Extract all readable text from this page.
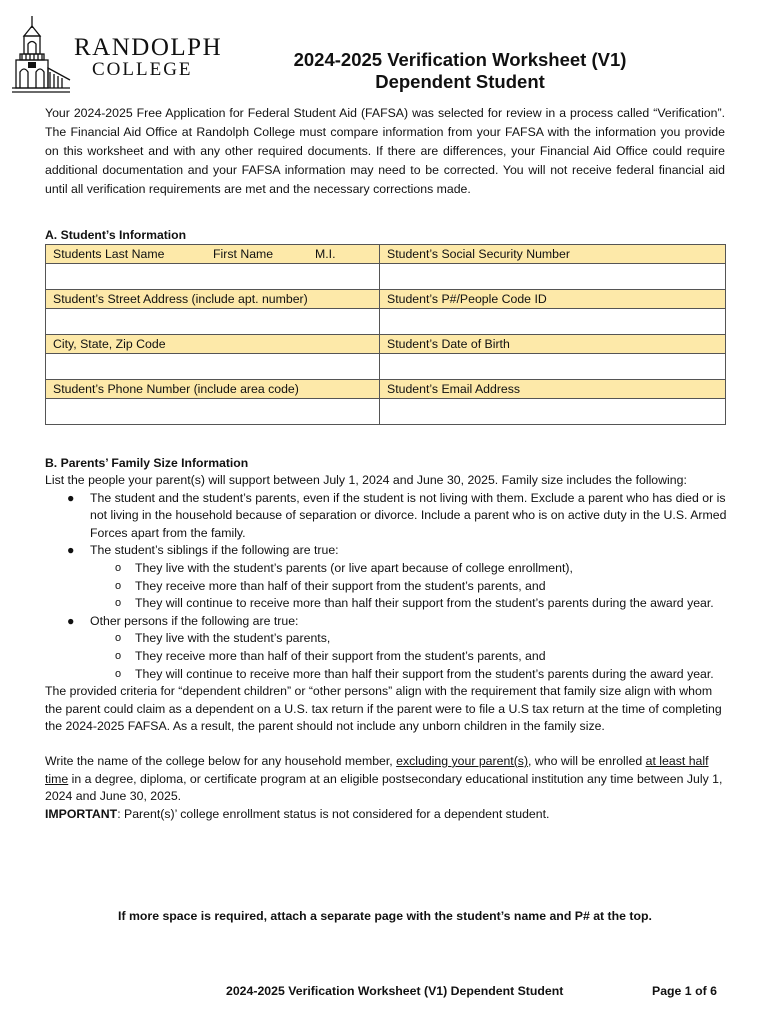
RANDOLPH
COLLEGE	2024-2025 Verification Worksheet (V1)
Dependent Student
Your 2024-2025 Free Application for Federal Student Aid (FAFSA) was selected for review in a process called “Verification”. The Financial Aid Office at Randolph College must compare information from your FAFSA with the information you provide on this worksheet and with any other required documents. If there are differences, your Financial Aid Office could require additional documentation and your FAFSA information may need to be corrected. You will not receive federal financial aid until all verification requirements are met and the necessary corrections made.
A. Student’s Information
Students Last Name First Name M.I.	Student’s Social Security Number

Student’s Street Address (include apt. number)	Student’s P#/People Code ID

City, State, Zip Code	Student’s Date of Birth

Student’s Phone Number (include area code)	Student’s Email Address

B. Parents’ Family Size Information

List the people your parent(s) will support between July 1, 2024 and June 30, 2025. Family size includes the following:

● The student and the student’s parents, even if the student is not living with them. Exclude a parent who has died or is not living in the household because of separation or divorce. Include a parent who is on active duty in the U.S. Armed Forces apart from the family.
● The student’s siblings if the following are true:
o They live with the student’s parents (or live apart because of college enrollment),
o They receive more than half of their support from the student’s parents, and
o They will continue to receive more than half their support from the student’s parents during the award year.
● Other persons if the following are true:
o They live with the student’s parents,
o They receive more than half of their support from the student’s parents, and
o They will continue to receive more than half their support from the student’s parents during the award year.

The provided criteria for “dependent children” or “other persons” align with the requirement that family size align with whom the parent could claim as a dependent on a U.S. tax return if the parent were to file a U.S tax return at the time of completing the 2024-2025 FAFSA. As a result, the parent should not include any unborn children in the family size.

Write the name of the college below for any household member, excluding your parent(s), who will be enrolled at least half time in a degree, diploma, or certificate program at an eligible postsecondary educational institution any time between July 1, 2024 and June 30, 2025.

IMPORTANT: Parent(s)’ college enrollment status is not considered for a dependent student.

If more space is required, attach a separate page with the student’s name and P# at the top.
2024-2025 Verification Worksheet (V1) Dependent Student	Page 1 of 6
